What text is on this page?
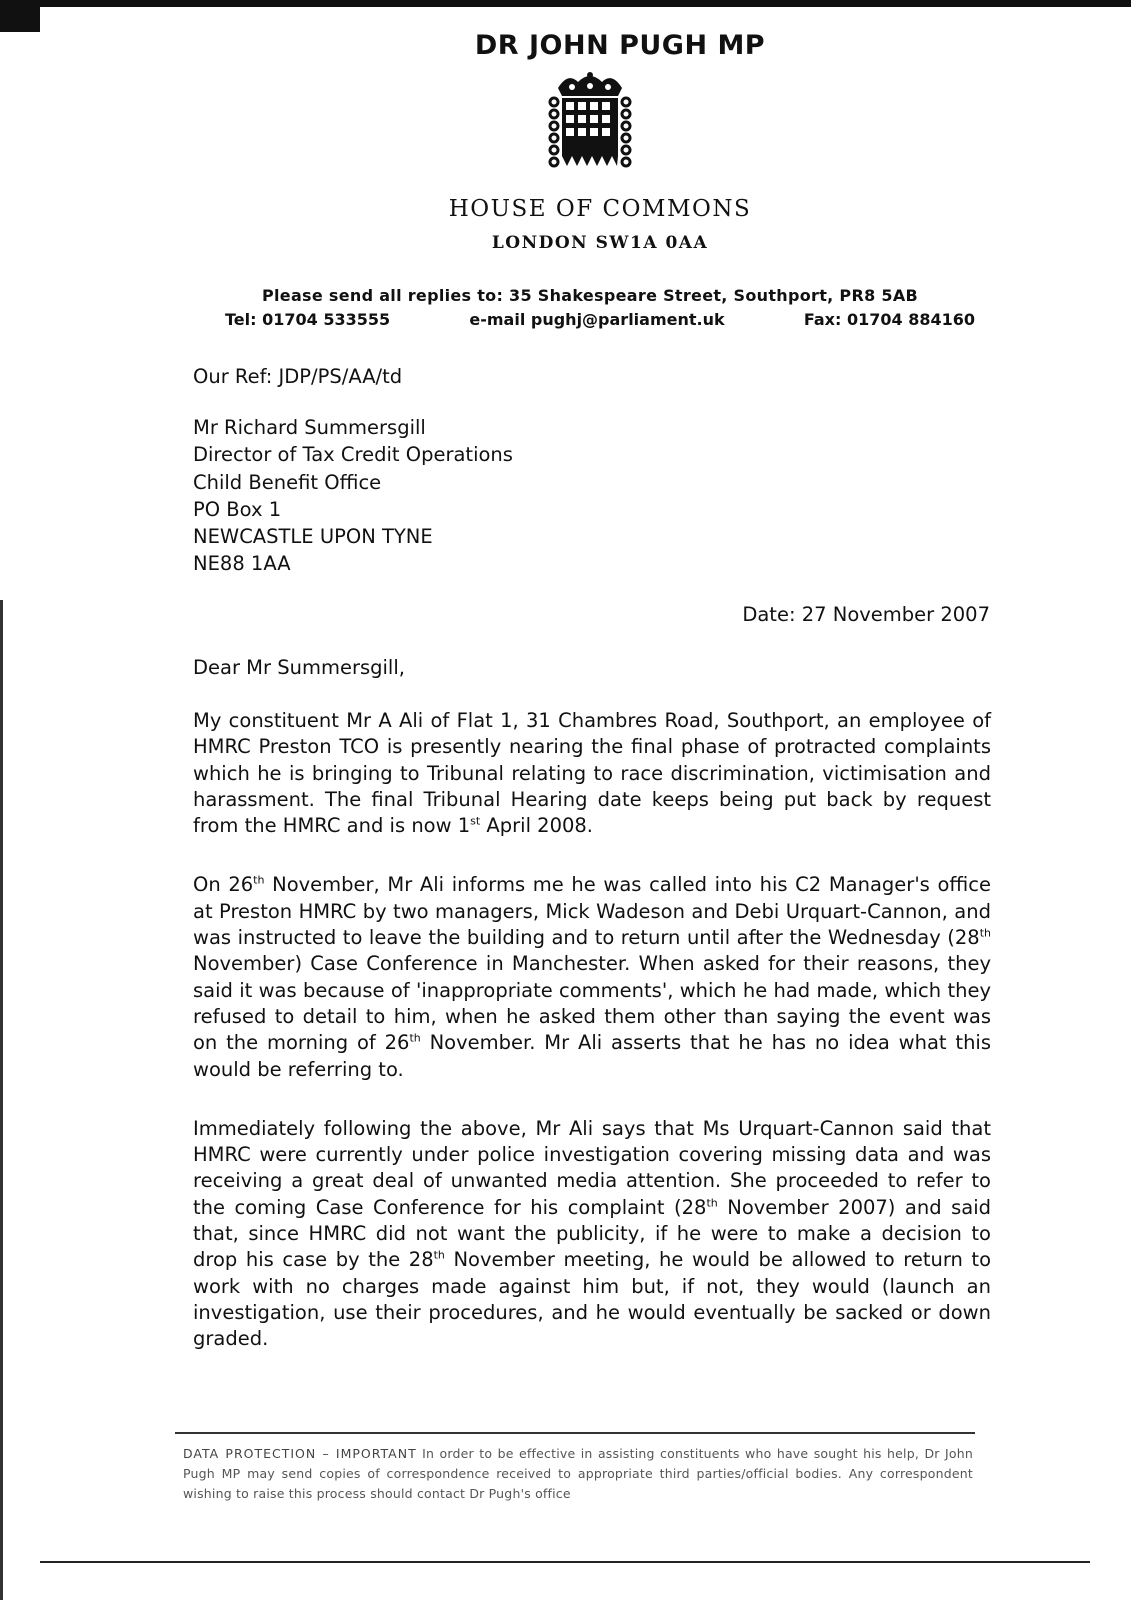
DR JOHN PUGH MP
HOUSE OF COMMONS
LONDON SW1A 0AA
Please send all replies to: 35 Shakespeare Street, Southport, PR8 5AB
Tel: 01704 533555	e-mail pughj@parliament.uk	Fax: 01704 884160
Our Ref: JDP/PS/AA/td
Mr Richard Summersgill
Director of Tax Credit Operations
Child Benefit Office
PO Box 1
NEWCASTLE UPON TYNE
NE88 1AA
Date: 27 November 2007
Dear Mr Summersgill,

My constituent Mr A Ali of Flat 1, 31 Chambres Road, Southport, an employee of HMRC Preston TCO is presently nearing the final phase of protracted complaints which he is bringing to Tribunal relating to race discrimination, victimisation and harassment. The final Tribunal Hearing date keeps being put back by request from the HMRC and is now 1st April 2008.

On 26th November, Mr Ali informs me he was called into his C2 Manager's office at Preston HMRC by two managers, Mick Wadeson and Debi Urquart-Cannon, and was instructed to leave the building and to return until after the Wednesday (28th November) Case Conference in Manchester. When asked for their reasons, they said it was because of 'inappropriate comments', which he had made, which they refused to detail to him, when he asked them other than saying the event was on the morning of 26th November. Mr Ali asserts that he has no idea what this would be referring to.

Immediately following the above, Mr Ali says that Ms Urquart-Cannon said that HMRC were currently under police investigation covering missing data and was receiving a great deal of unwanted media attention. She proceeded to refer to the coming Case Conference for his complaint (28th November 2007) and said that, since HMRC did not want the publicity, if he were to make a decision to drop his case by the 28th November meeting, he would be allowed to return to work with no charges made against him but, if not, they would (launch an investigation, use their procedures, and he would eventually be sacked or down graded.

DATA PROTECTION – IMPORTANT In order to be effective in assisting constituents who have sought his help, Dr John Pugh MP may send copies of correspondence received to appropriate third parties/official bodies. Any correspondent wishing to raise this process should contact Dr Pugh's office
